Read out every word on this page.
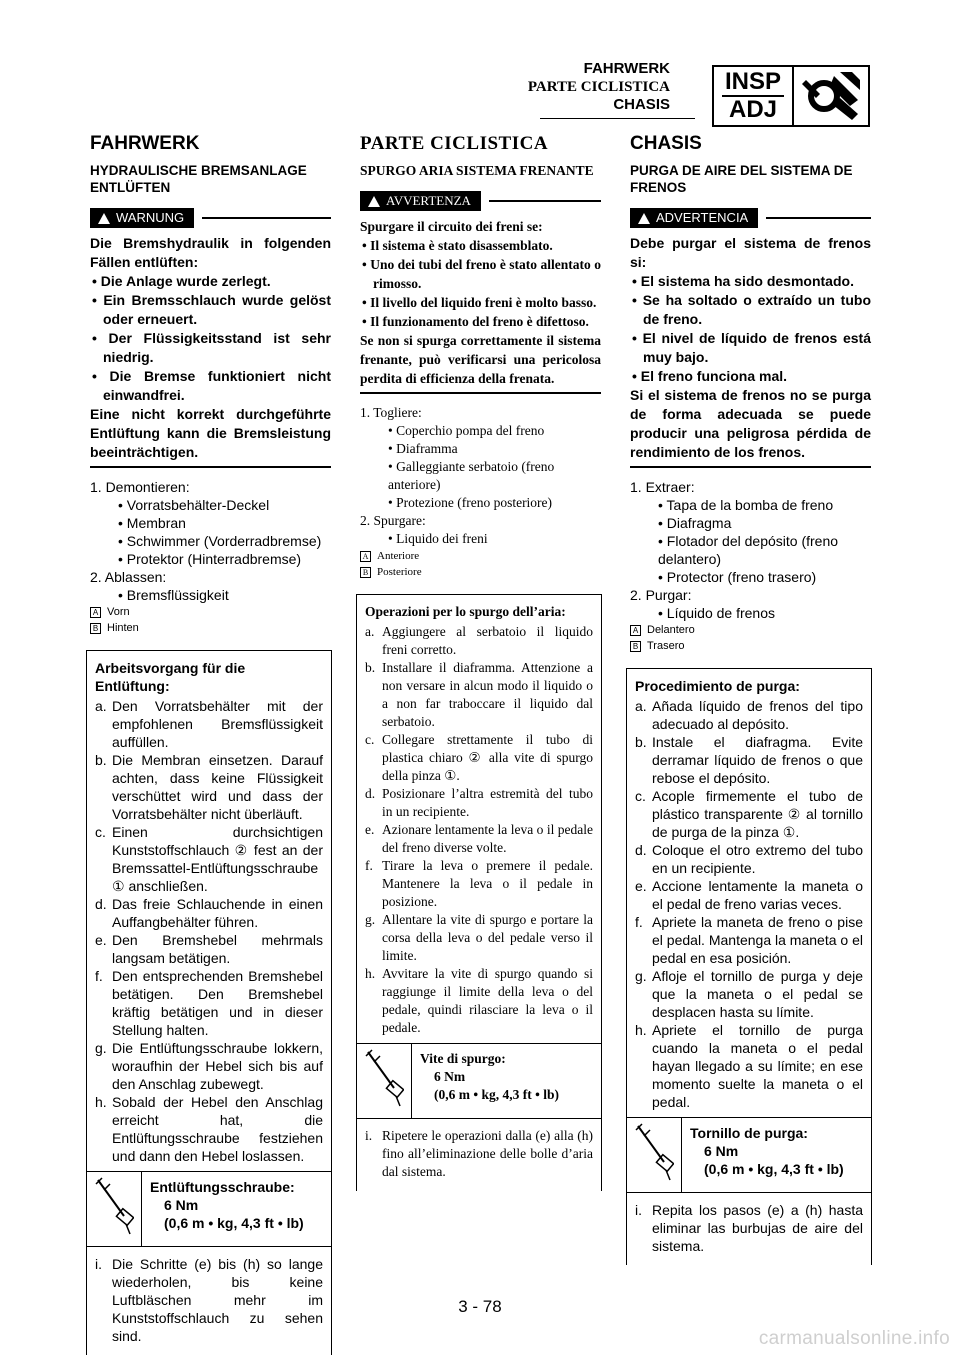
FAHRWERK
PARTE CICLISTICA
CHASIS
INSP
ADJ
FAHRWERK
HYDRAULISCHE BREMSANLAGE ENTLÜFTEN
WARNUNG
Die Bremshydraulik in folgenden Fällen entlüften:
• Die Anlage wurde zerlegt.
• Ein Bremsschlauch wurde gelöst oder erneuert.
• Der Flüssigkeitsstand ist sehr niedrig.
• Die Bremse funktioniert nicht einwandfrei.
Eine nicht korrekt durchgeführte Entlüftung kann die Bremsleistung beeinträchtigen.
1. Demontieren:
• Vorratsbehälter-Deckel
• Membran
• Schwimmer (Vorderradbremse)
• Protektor (Hinterradbremse)
2. Ablassen:
• Bremsflüssigkeit
A Vorn
B Hinten
Arbeitsvorgang für die Entlüftung:
a. Den Vorratsbehälter mit der empfohlenen Bremsflüssigkeit auffüllen.
b. Die Membran einsetzen. Darauf achten, dass keine Flüssigkeit verschüttet wird und dass der Vorratsbehälter nicht überläuft.
c. Einen durchsichtigen Kunststoffschlauch ② fest an der Bremssattel-Entlüftungsschraube ① anschließen.
d. Das freie Schlauchende in einen Auffangbehälter führen.
e. Den Bremshebel mehrmals langsam betätigen.
f. Den entsprechenden Bremshebel betätigen. Den Bremshebel kräftig betätigen und in dieser Stellung halten.
g. Die Entlüftungsschraube lokkern, woraufhin der Hebel sich bis auf den Anschlag zubewegt.
h. Sobald der Hebel den Anschlag erreicht hat, die Entlüftungsschraube festziehen und dann den Hebel loslassen.
Entlüftungsschraube:
6 Nm
(0,6 m • kg, 4,3 ft • lb)
i. Die Schritte (e) bis (h) so lange wiederholen, bis keine Luftbläschen mehr im Kunststoffschlauch zu sehen sind.
PARTE CICLISTICA
SPURGO ARIA SISTEMA FRENANTE
AVVERTENZA
Spurgare il circuito dei freni se:
• Il sistema è stato disassemblato.
• Uno dei tubi del freno è stato allentato o rimosso.
• Il livello del liquido freni è molto basso.
• Il funzionamento del freno è difettoso.
Se non si spurga correttamente il sistema frenante, può verificarsi una pericolosa perdita di efficienza della frenata.
1. Togliere:
• Coperchio pompa del freno
• Diaframma
• Galleggiante serbatoio (freno anteriore)
• Protezione (freno posteriore)
2. Spurgare:
• Liquido dei freni
A Anteriore
B Posteriore
Operazioni per lo spurgo dell’aria:
a. Aggiungere al serbatoio il liquido freni corretto.
b. Installare il diaframma. Attenzione a non versare in alcun modo il liquido o a non far traboccare il liquido dal serbatoio.
c. Collegare strettamente il tubo di plastica chiaro ② alla vite di spurgo della pinza ①.
d. Posizionare l’altra estremità del tubo in un recipiente.
e. Azionare lentamente la leva o il pedale del freno diverse volte.
f. Tirare la leva o premere il pedale. Mantenere la leva o il pedale in posizione.
g. Allentare la vite di spurgo e portare la corsa della leva o del pedale verso il limite.
h. Avvitare la vite di spurgo quando si raggiunge il limite della leva o del pedale, quindi rilasciare la leva o il pedale.
Vite di spurgo:
6 Nm
(0,6 m • kg, 4,3 ft • lb)
i. Ripetere le operazioni dalla (e) alla (h) fino all’eliminazione delle bolle d’aria dal sistema.
CHASIS
PURGA DE AIRE DEL SISTEMA DE FRENOS
ADVERTENCIA
Debe purgar el sistema de frenos si:
• El sistema ha sido desmontado.
• Se ha soltado o extraído un tubo de freno.
• El nivel de líquido de frenos está muy bajo.
• El freno funciona mal.
Si el sistema de frenos no se purga de forma adecuada se puede producir una peligrosa pérdida de rendimiento de los frenos.
1. Extraer:
• Tapa de la bomba de freno
• Diafragma
• Flotador del depósito (freno delantero)
• Protector (freno trasero)
2. Purgar:
• Líquido de frenos
A Delantero
B Trasero
Procedimiento de purga:
a. Añada líquido de frenos del tipo adecuado al depósito.
b. Instale el diafragma. Evite derramar líquido de frenos o que rebose el depósito.
c. Acople firmemente el tubo de plástico transparente ② al tornillo de purga de la pinza ①.
d. Coloque el otro extremo del tubo en un recipiente.
e. Accione lentamente la maneta o el pedal de freno varias veces.
f. Apriete la maneta de freno o pise el pedal. Mantenga la maneta o el pedal en esa posición.
g. Afloje el tornillo de purga y deje que la maneta o el pedal se desplacen hasta su límite.
h. Apriete el tornillo de purga cuando la maneta o el pedal hayan llegado a su límite; en ese momento suelte la maneta o el pedal.
Tornillo de purga:
6 Nm
(0,6 m • kg, 4,3 ft • lb)
i. Repita los pasos (e) a (h) hasta eliminar las burbujas de aire del sistema.
3 - 78
carmanualsonline.info
